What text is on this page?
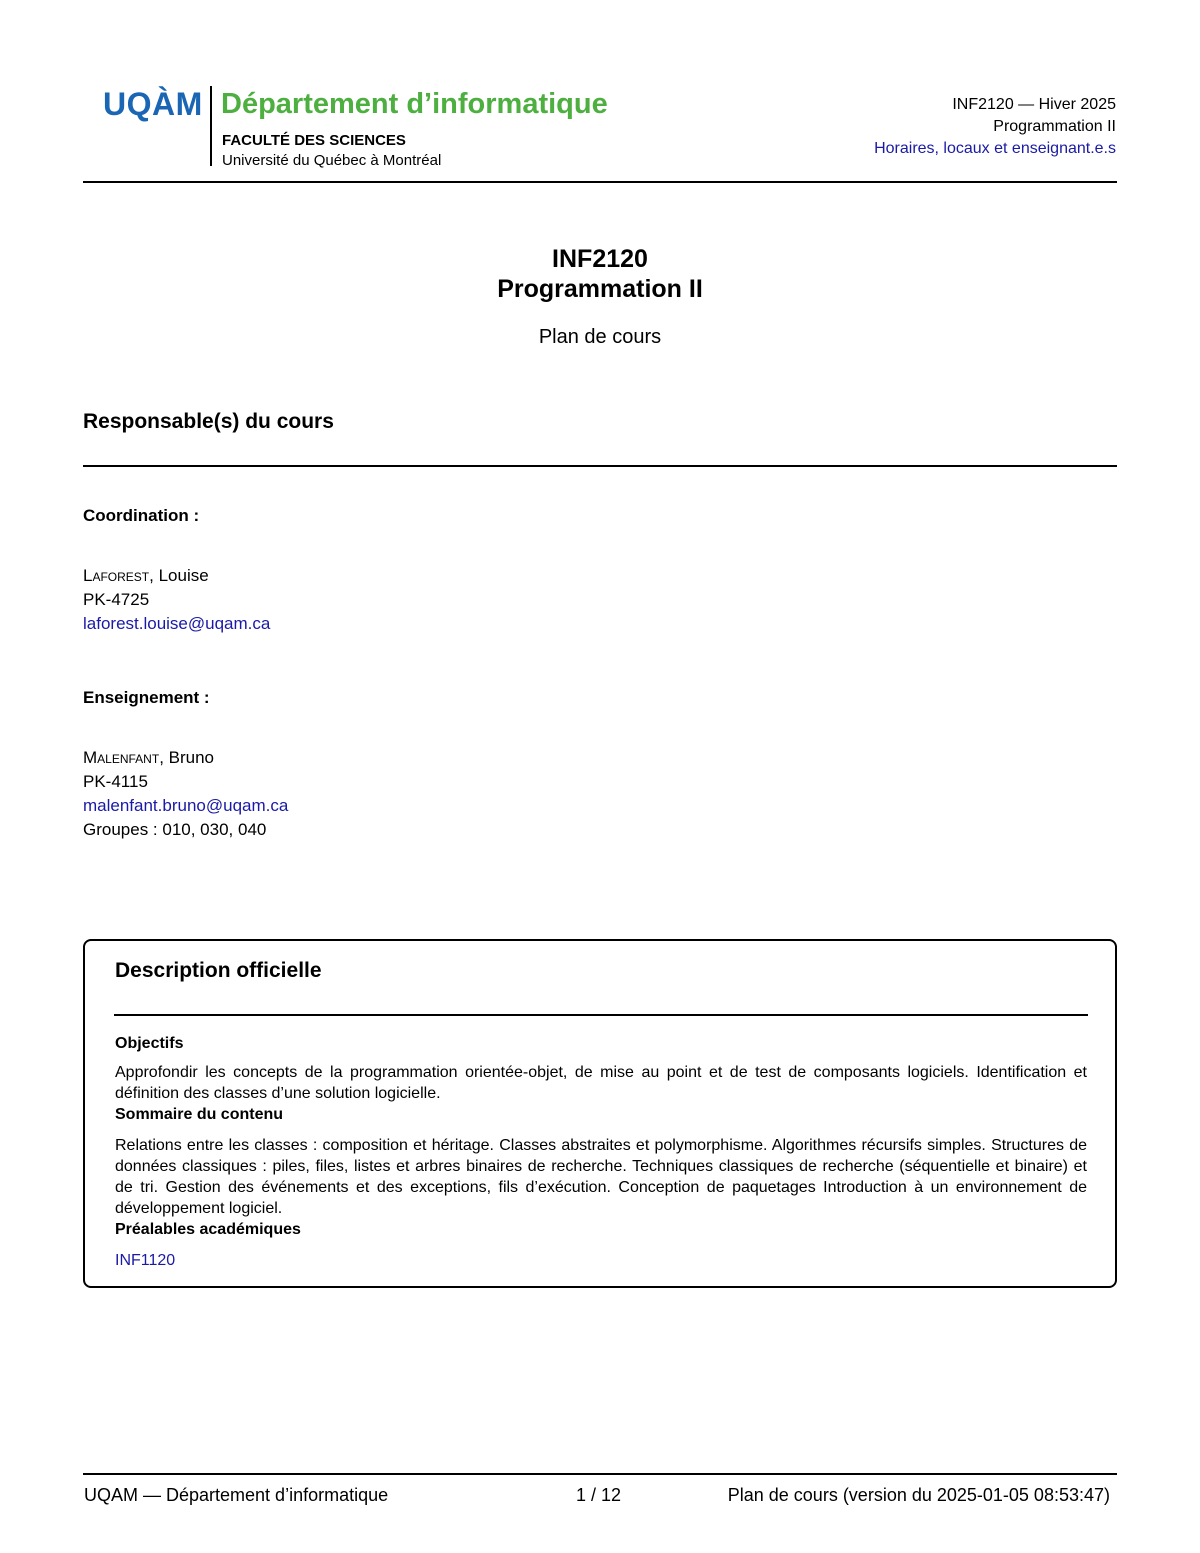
UQÀM Département d’informatique
FACULTÉ DES SCIENCES
Université du Québec à Montréal
INF2120 — Hiver 2025
Programmation II
Horaires, locaux et enseignant.e.s
INF2120
Programmation II
Plan de cours
Responsable(s) du cours
Coordination :
Laforest, Louise
PK-4725
laforest.louise@uqam.ca
Enseignement :
Malenfant, Bruno
PK-4115
malenfant.bruno@uqam.ca
Groupes : 010, 030, 040
Description officielle
Objectifs
Approfondir les concepts de la programmation orientée-objet, de mise au point et de test de composants logiciels. Identification et définition des classes d’une solution logicielle.
Sommaire du contenu
Relations entre les classes : composition et héritage. Classes abstraites et polymorphisme. Algorithmes récursifs simples. Structures de données classiques : piles, files, listes et arbres binaires de recherche. Techniques classiques de recherche (séquentielle et binaire) et de tri. Gestion des événements et des exceptions, fils d’exécution. Conception de paquetages Introduction à un environnement de développement logiciel.
Préalables académiques
INF1120
UQAM — Département d’informatique	1 / 12	Plan de cours (version du 2025-01-05 08:53:47)
